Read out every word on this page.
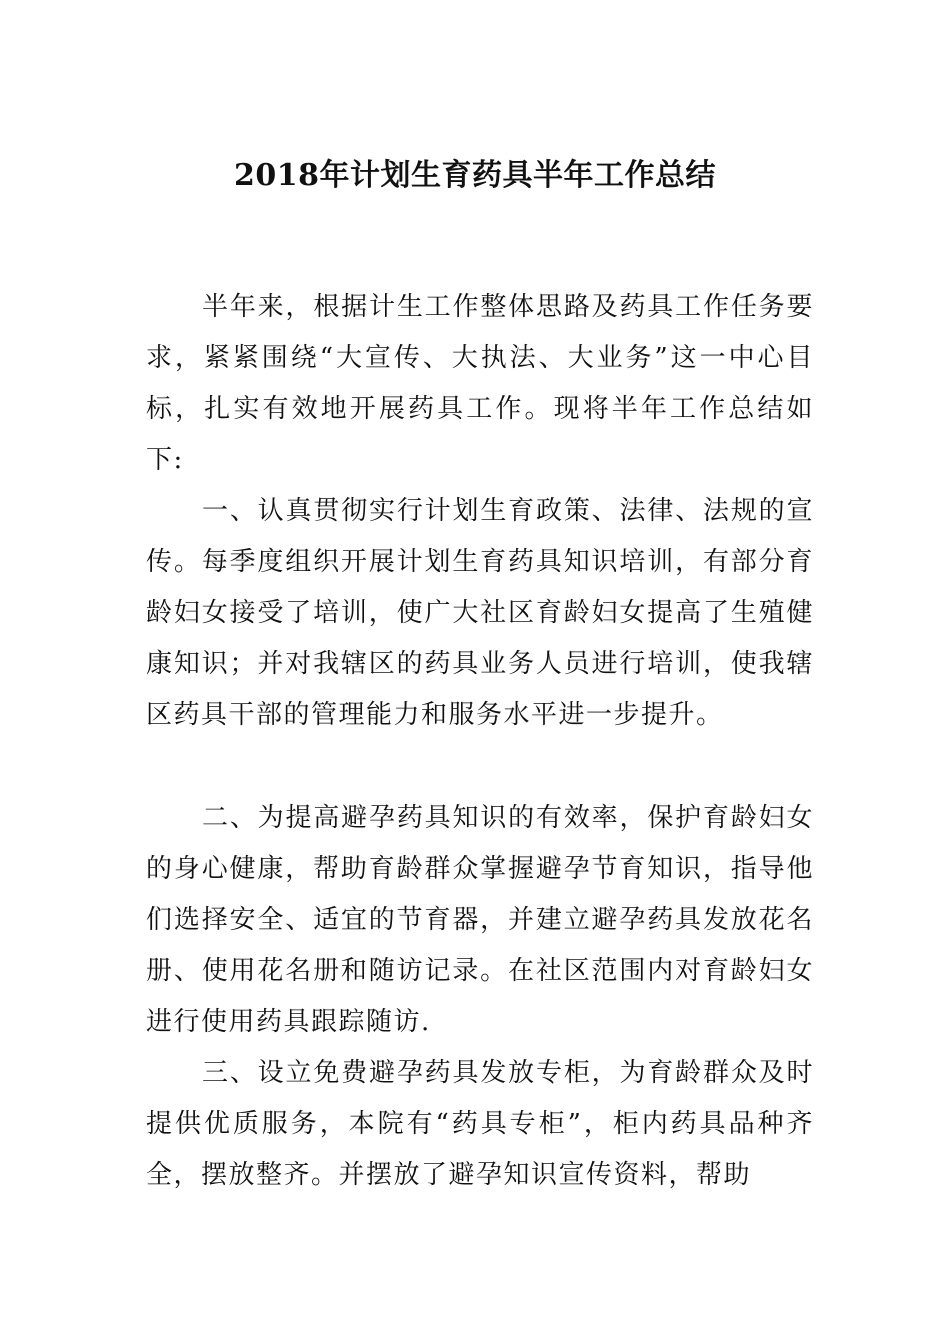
2018年计划生育药具半年工作总结

半年来，根据计生工作整体思路及药具工作任务要求，紧紧围绕“大宣传、大执法、大业务”这一中心目标，扎实有效地开展药具工作。现将半年工作总结如下:

一、认真贯彻实行计划生育政策、法律、法规的宣传。每季度组织开展计划生育药具知识培训，有部分育龄妇女接受了培训，使广大社区育龄妇女提高了生殖健康知识；并对我辖区的药具业务人员进行培训，使我辖区药具干部的管理能力和服务水平进一步提升。

二、为提高避孕药具知识的有效率，保护育龄妇女的身心健康，帮助育龄群众掌握避孕节育知识，指导他们选择安全、适宜的节育器，并建立避孕药具发放花名册、使用花名册和随访记录。在社区范围内对育龄妇女进行使用药具跟踪随访.

三、设立免费避孕药具发放专柜，为育龄群众及时提供优质服务，本院有“药具专柜”，柜内药具品种齐全，摆放整齐。并摆放了避孕知识宣传资料，帮助
